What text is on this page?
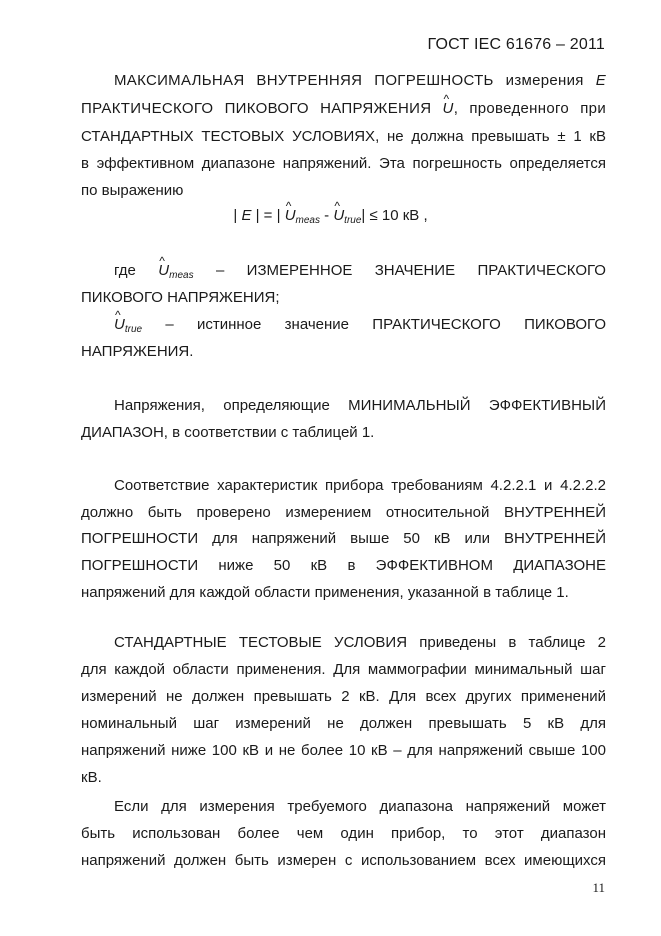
ГОСТ IEC 61676 – 2011
МАКСИМАЛЬНАЯ ВНУТРЕННЯЯ ПОГРЕШНОСТЬ измерения E
ПРАКТИЧЕСКОГО ПИКОВОГО НАПРЯЖЕНИЯ ^ U, проведенного при
СТАНДАРТНЫХ ТЕСТОВЫХ УСЛОВИЯХ, не должна превышать ± 1 кВ
в эффективном диапазоне напряжений. Эта погрешность определяется
по выражению
| E | = | ^ $U_{meas}$ - ^ $U_{true}| \le 10$ кВ ,
где ^ $U_{meas}$ – ИЗМЕРЕННОЕ ЗНАЧЕНИЕ ПРАКТИЧЕСКОГО
ПИКОВОГО НАПРЯЖЕНИЯ;
^ $U_{true}$ – истинное значение ПРАКТИЧЕСКОГО ПИКОВОГО
НАПРЯЖЕНИЯ.
Напряжения, определяющие МИНИМАЛЬНЫЙ ЭФФЕКТИВНЫЙ
ДИАПАЗОН, в соответствии с таблицей 1.
Соответствие характеристик прибора требованиям 4.2.2.1 и 4.2.2.2
должно быть проверено измерением относительной ВНУТРЕННЕЙ
ПОГРЕШНОСТИ для напряжений выше 50 кВ или ВНУТРЕННЕЙ
ПОГРЕШНОСТИ ниже 50 кВ в ЭФФЕКТИВНОМ ДИАПАЗОНЕ
напряжений для каждой области применения, указанной в таблице 1.
СТАНДАРТНЫЕ ТЕСТОВЫЕ УСЛОВИЯ приведены в таблице 2
для каждой области применения. Для маммографии минимальный шаг
измерений не должен превышать 2 кВ. Для всех других применений
номинальный шаг измерений не должен превышать 5 кВ для
напряжений ниже 100 кВ и не более 10 кВ – для напряжений свыше 100
кВ.
Если для измерения требуемого диапазона напряжений может
быть использован более чем один прибор, то этот диапазон
напряжений должен быть измерен с использованием всех имеющихся
11
